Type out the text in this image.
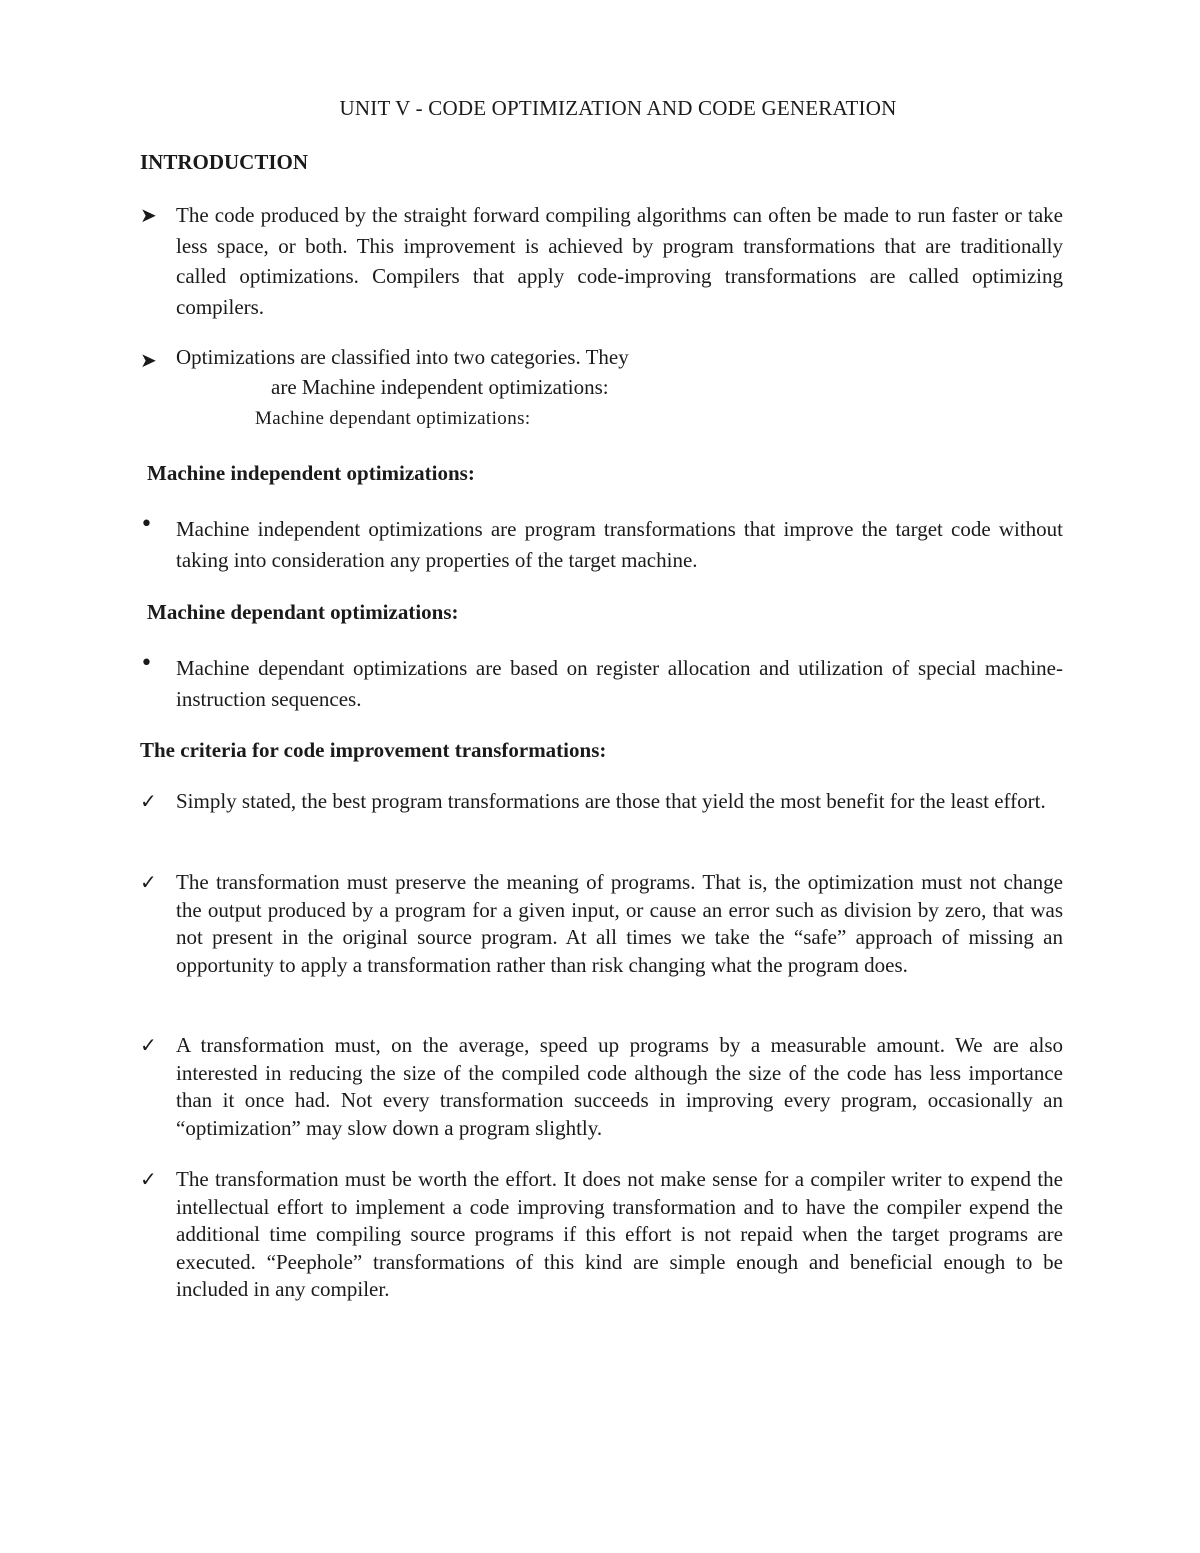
UNIT V - CODE OPTIMIZATION AND CODE GENERATION
INTRODUCTION
➤ The code produced by the straight forward compiling algorithms can often be made to run faster or take less space, or both. This improvement is achieved by program transformations that are traditionally called optimizations. Compilers that apply code-improving transformations are called optimizing compilers.
➤ Optimizations are classified into two categories. They
are Machine independent optimizations:
Machine dependant optimizations:
Machine independent optimizations:
• Machine independent optimizations are program transformations that improve the target code without taking into consideration any properties of the target machine.
Machine dependant optimizations:
• Machine dependant optimizations are based on register allocation and utilization of special machine-instruction sequences.
The criteria for code improvement transformations:
✓ Simply stated, the best program transformations are those that yield the most benefit for the least effort.
✓ The transformation must preserve the meaning of programs. That is, the optimization must not change the output produced by a program for a given input, or cause an error such as division by zero, that was not present in the original source program. At all times we take the “safe” approach of missing an opportunity to apply a transformation rather than risk changing what the program does.
✓ A transformation must, on the average, speed up programs by a measurable amount. We are also interested in reducing the size of the compiled code although the size of the code has less importance than it once had. Not every transformation succeeds in improving every program, occasionally an “optimization” may slow down a program slightly.
✓ The transformation must be worth the effort. It does not make sense for a compiler writer to expend the intellectual effort to implement a code improving transformation and to have the compiler expend the additional time compiling source programs if this effort is not repaid when the target programs are executed. “Peephole” transformations of this kind are simple enough and beneficial enough to be included in any compiler.
